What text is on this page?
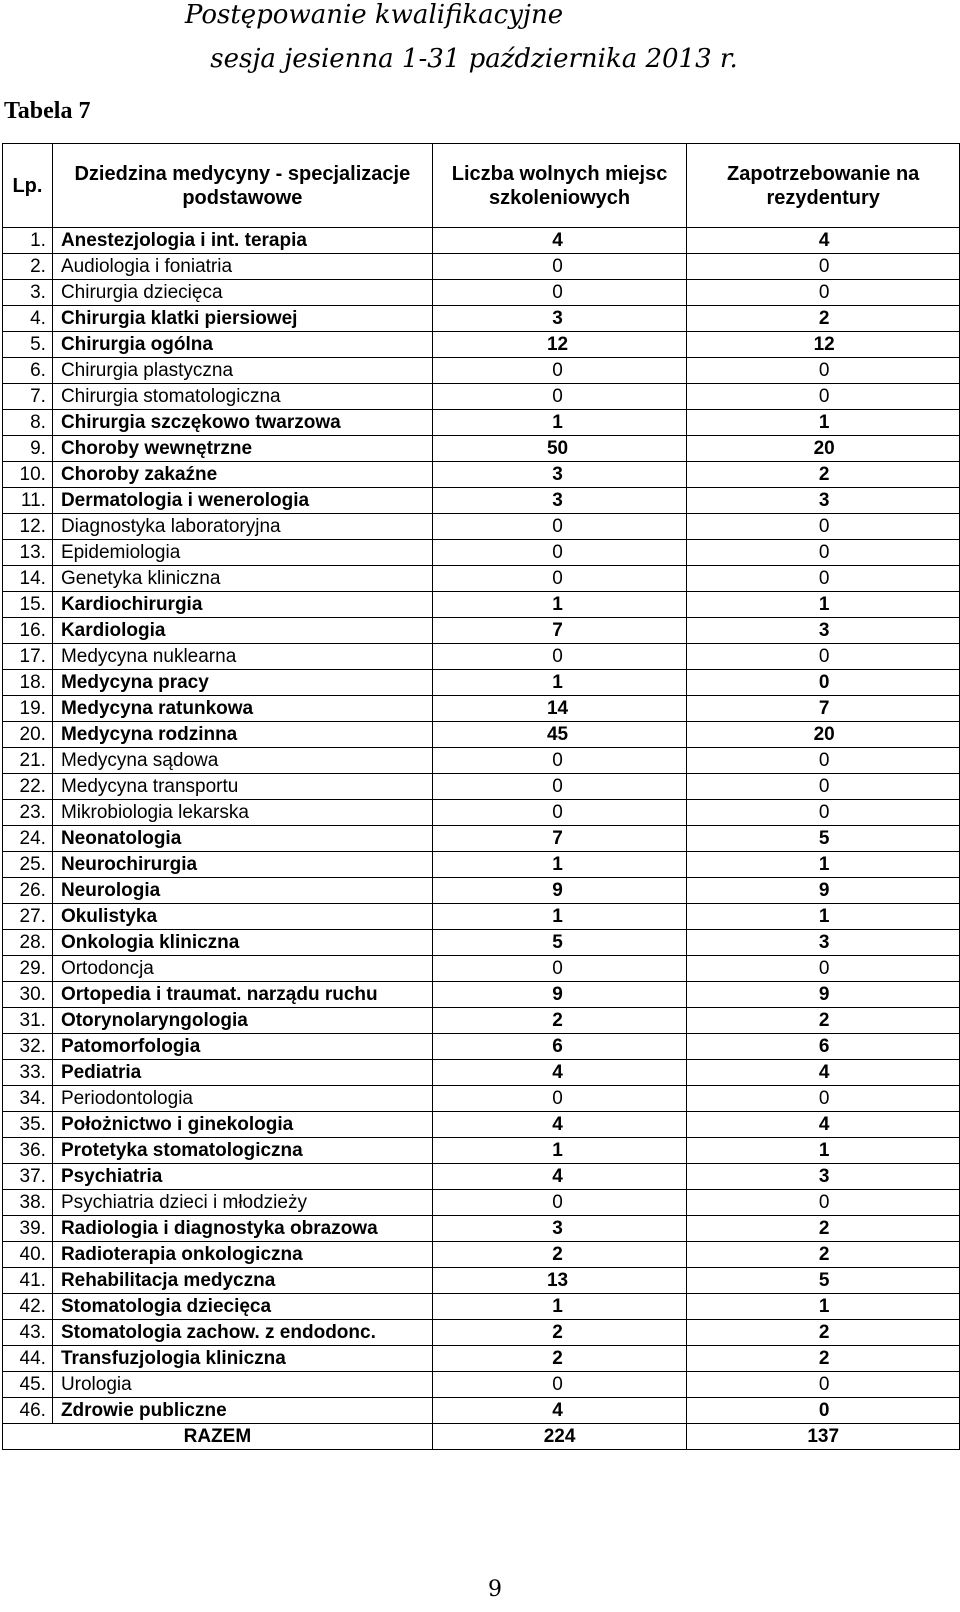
Postępowanie kwalifikacyjne
sesja jesienna 1-31 października 2013 r.
Tabela 7
Lp.	Dziedzina medycyny - specjalizacje podstawowe	Liczba wolnych miejsc szkoleniowych	Zapotrzebowanie na rezydentury
1.	Anestezjologia i int. terapia	4	4
2.	Audiologia i foniatria	0	0
3.	Chirurgia dziecięca	0	0
4.	Chirurgia klatki piersiowej	3	2
5.	Chirurgia ogólna	12	12
6.	Chirurgia plastyczna	0	0
7.	Chirurgia stomatologiczna	0	0
8.	Chirurgia szczękowo twarzowa	1	1
9.	Choroby wewnętrzne	50	20
10.	Choroby zakaźne	3	2
11.	Dermatologia i wenerologia	3	3
12.	Diagnostyka laboratoryjna	0	0
13.	Epidemiologia	0	0
14.	Genetyka kliniczna	0	0
15.	Kardiochirurgia	1	1
16.	Kardiologia	7	3
17.	Medycyna nuklearna	0	0
18.	Medycyna pracy	1	0
19.	Medycyna ratunkowa	14	7
20.	Medycyna rodzinna	45	20
21.	Medycyna sądowa	0	0
22.	Medycyna transportu	0	0
23.	Mikrobiologia lekarska	0	0
24.	Neonatologia	7	5
25.	Neurochirurgia	1	1
26.	Neurologia	9	9
27.	Okulistyka	1	1
28.	Onkologia kliniczna	5	3
29.	Ortodoncja	0	0
30.	Ortopedia i traumat. narządu ruchu	9	9
31.	Otorynolaryngologia	2	2
32.	Patomorfologia	6	6
33.	Pediatria	4	4
34.	Periodontologia	0	0
35.	Położnictwo i ginekologia	4	4
36.	Protetyka stomatologiczna	1	1
37.	Psychiatria	4	3
38.	Psychiatria dzieci i młodzieży	0	0
39.	Radiologia i diagnostyka obrazowa	3	2
40.	Radioterapia onkologiczna	2	2
41.	Rehabilitacja medyczna	13	5
42.	Stomatologia dziecięca	1	1
43.	Stomatologia zachow. z endodonc.	2	2
44.	Transfuzjologia kliniczna	2	2
45.	Urologia	0	0
46.	Zdrowie publiczne	4	0
RAZEM		224	137
9
